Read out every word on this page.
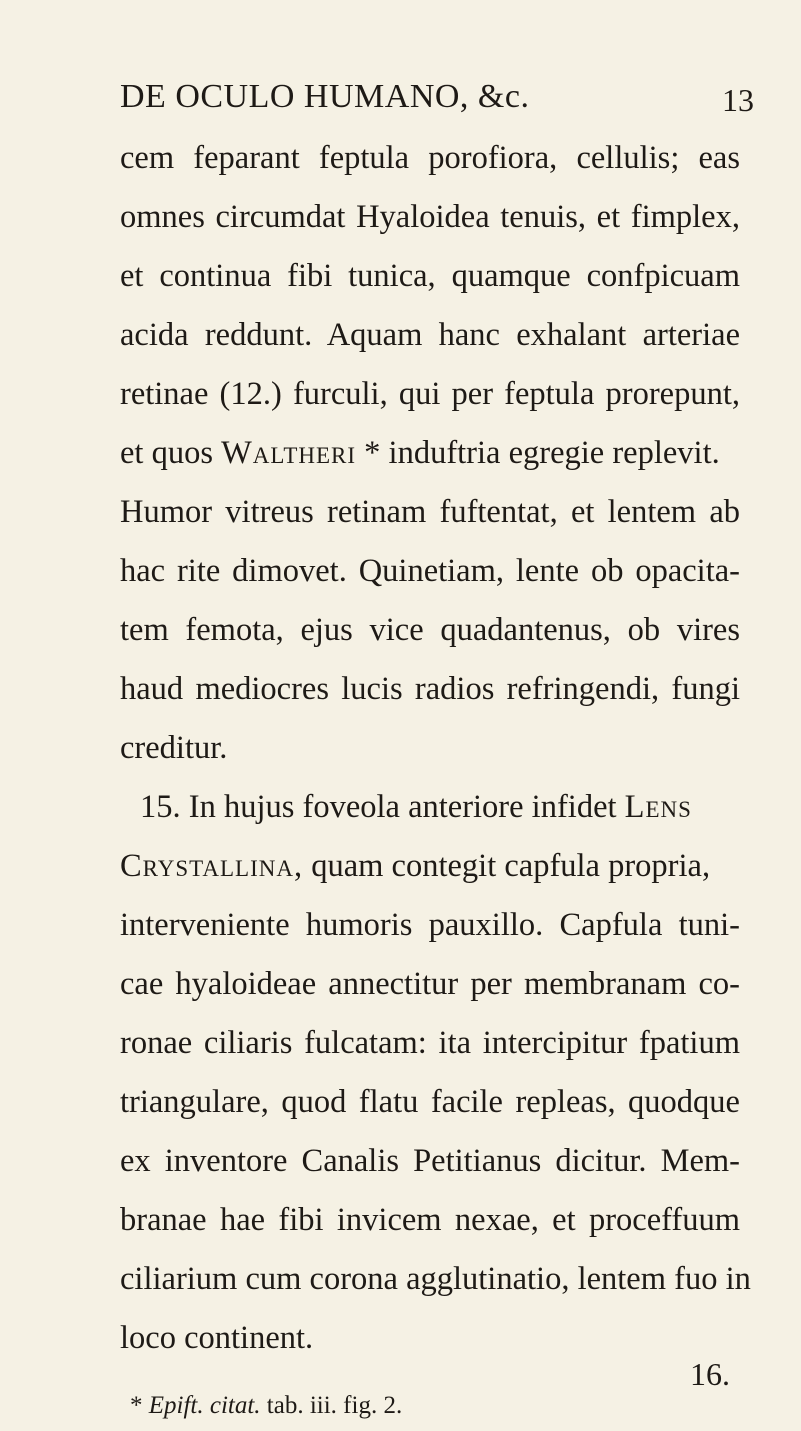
DE OCULO HUMANO, &c.	13
cem feparant feptula porofiora, cellulis; eas
omnes circumdat Hyaloidea tenuis, et fimplex,
et continua fibi tunica, quamque confpicuam
acida reddunt. Aquam hanc exhalant arteriae
retinae (12.) furculi, qui per feptula prorepunt,
et quos Waltheri * induftria egregie replevit.
Humor vitreus retinam fuftentat, et lentem ab
hac rite dimovet. Quinetiam, lente ob opacita-
tem femota, ejus vice quadantenus, ob vires
haud mediocres lucis radios refringendi, fungi
creditur.
15. In hujus foveola anteriore infidet Lens
Crystallina, quam contegit capfula propria,
interveniente humoris pauxillo. Capfula tuni-
cae hyaloideae annectitur per membranam co-
ronae ciliaris fulcatam: ita intercipitur fpatium
triangulare, quod flatu facile repleas, quodque
ex inventore Canalis Petitianus dicitur. Mem-
branae hae fibi invicem nexae, et proceffuum
ciliarium cum corona agglutinatio, lentem fuo in
loco continent.
16.
* Epift. citat. tab. iii. fig. 2.
